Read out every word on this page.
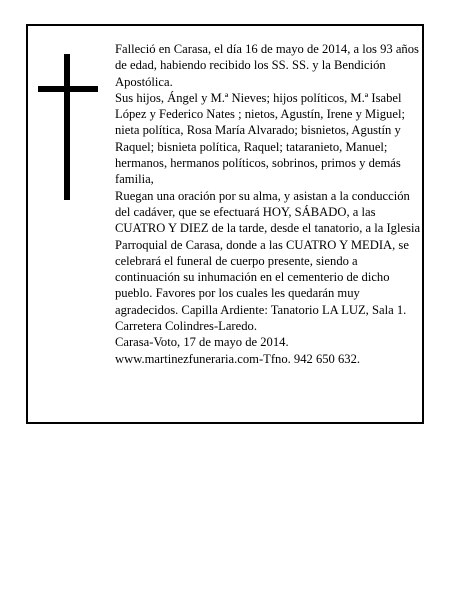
Falleció en Carasa, el día 16 de mayo de 2014, a los 93 años de edad, habiendo recibido los SS. SS. y la Bendición Apostólica.

Sus hijos, Ángel y M.ª Nieves; hijos políticos, M.ª Isabel López y Federico Nates ; nietos, Agustín, Irene y Miguel; nieta política, Rosa María Alvarado; bisnietos, Agustín y Raquel; bisnieta política, Raquel; tataranieto, Manuel; hermanos, hermanos políticos, sobrinos, primos y demás familia,

Ruegan una oración por su alma, y asistan a la conducción del cadáver, que se efectuará HOY, SÁBADO, a las CUATRO Y DIEZ de la tarde, desde el tanatorio, a la Iglesia Parroquial de Carasa, donde a las CUATRO Y MEDIA, se celebrará el funeral de cuerpo presente, siendo a continuación su inhumación en el cementerio de dicho pueblo. Favores por los cuales les quedarán muy agradecidos. Capilla Ardiente: Tanatorio LA LUZ, Sala 1. Carretera Colindres-Laredo.

Carasa-Voto, 17 de mayo de 2014.

www.martinezfuneraria.com-Tfno. 942 650 632.
